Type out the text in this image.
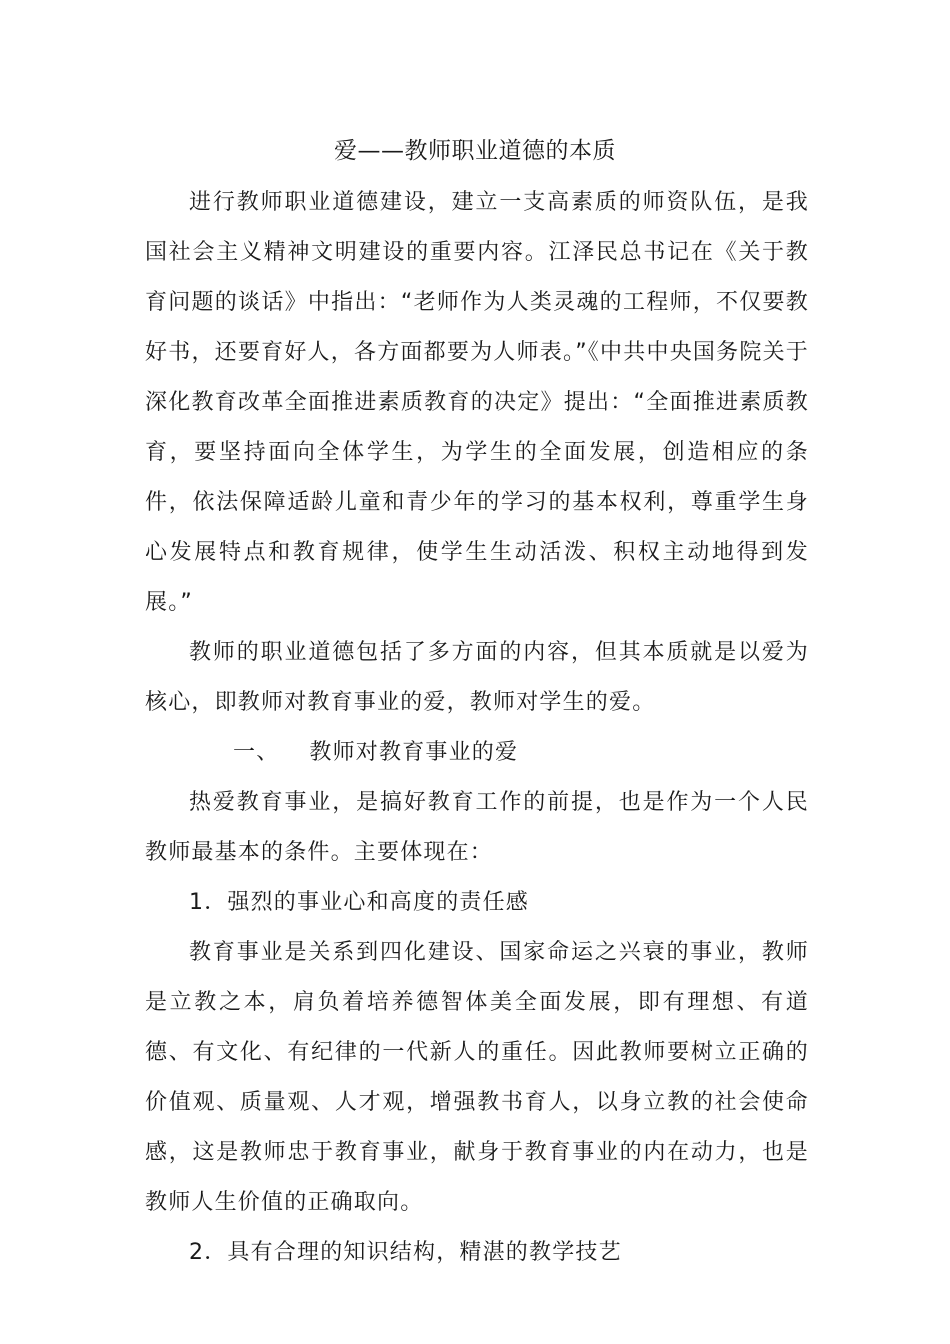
爱——教师职业道德的本质

进行教师职业道德建设，建立一支高素质的师资队伍，是我国社会主义精神文明建设的重要内容。江泽民总书记在《关于教育问题的谈话》中指出：“老师作为人类灵魂的工程师，不仅要教好书，还要育好人，各方面都要为人师表。”《中共中央国务院关于深化教育改革全面推进素质教育的决定》提出：“全面推进素质教育，要坚持面向全体学生，为学生的全面发展，创造相应的条件，依法保障适龄儿童和青少年的学习的基本权利，尊重学生身心发展特点和教育规律，使学生生动活泼、积权主动地得到发展。”

教师的职业道德包括了多方面的内容，但其本质就是以爱为核心，即教师对教育事业的爱，教师对学生的爱。

一、 教师对教育事业的爱

热爱教育事业，是搞好教育工作的前提，也是作为一个人民教师最基本的条件。主要体现在：

1．强烈的事业心和高度的责任感

教育事业是关系到四化建设、国家命运之兴衰的事业，教师是立教之本，肩负着培养德智体美全面发展，即有理想、有道德、有文化、有纪律的一代新人的重任。因此教师要树立正确的价值观、质量观、人才观，增强教书育人，以身立教的社会使命感，这是教师忠于教育事业，献身于教育事业的内在动力，也是教师人生价值的正确取向。

2．具有合理的知识结构，精湛的教学技艺
